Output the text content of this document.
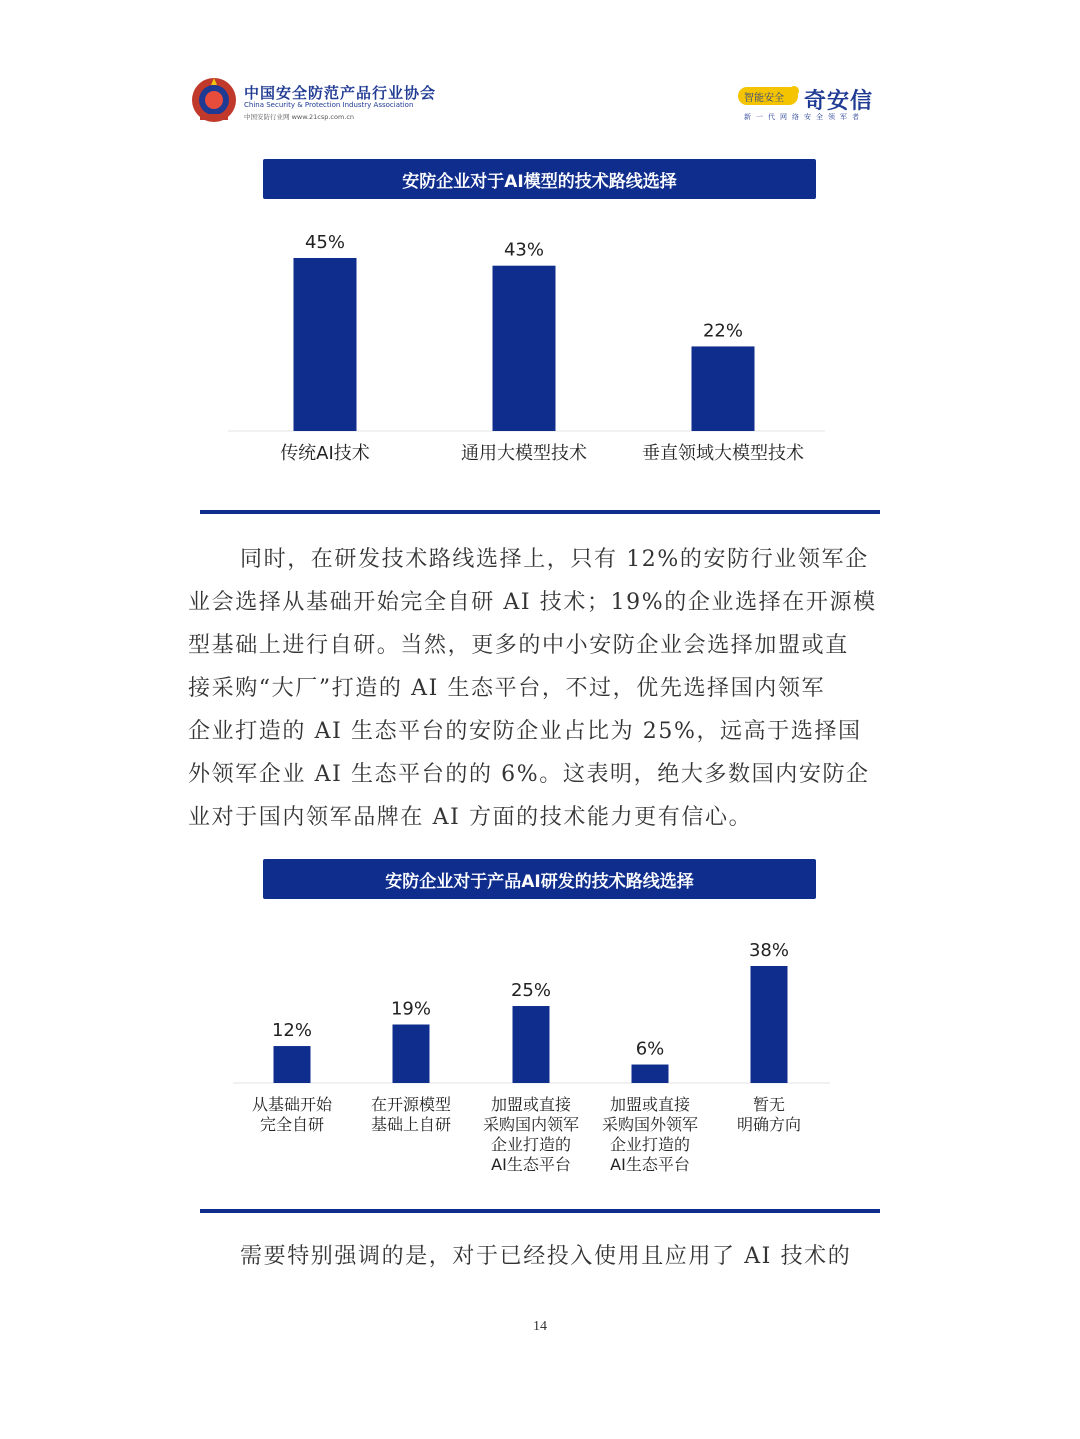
中国安全防范产品行业协会
China Security & Protection Industry Association
中国安防行业网 www.21csp.com.cn
智能安全 奇安信
新一代网络安全领军者
安防企业对于AI模型的技术路线选择
45%
传统AI技术
43%
通用大模型技术
22%
垂直领域大模型技术
同时，在研发技术路线选择上，只有 12%的安防行业领军企
业会选择从基础开始完全自研 AI 技术；19%的企业选择在开源模
型基础上进行自研。当然，更多的中小安防企业会选择加盟或直
接采购“大厂”打造的 AI 生态平台，不过，优先选择国内领军
企业打造的 AI 生态平台的安防企业占比为 25%，远高于选择国
外领军企业 AI 生态平台的的 6%。这表明，绝大多数国内安防企
业对于国内领军品牌在 AI 方面的技术能力更有信心。
安防企业对于产品AI研发的技术路线选择
12%
从基础开始
完全自研
19%
在开源模型
基础上自研
25%
加盟或直接
采购国内领军
企业打造的
AI生态平台
6%
加盟或直接
采购国外领军
企业打造的
AI生态平台
38%
暂无
明确方向
需要特别强调的是，对于已经投入使用且应用了 AI 技术的
14
